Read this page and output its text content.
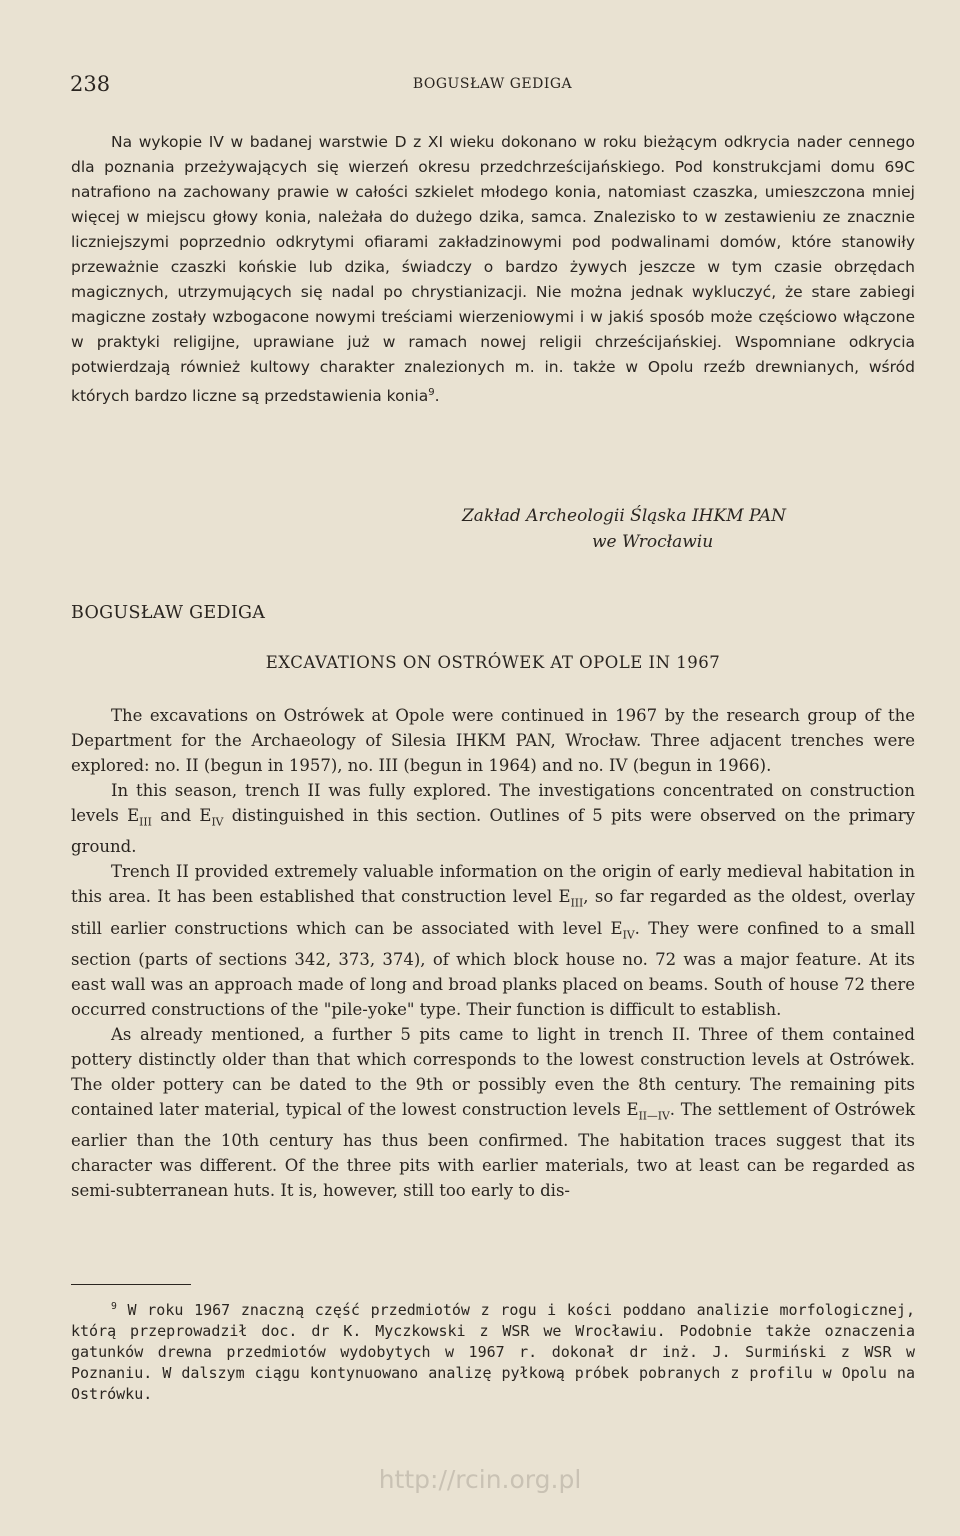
238	BOGUSŁAW GEDIGA

Na wykopie IV w badanej warstwie D z XI wieku dokonano w roku bieżącym odkrycia nader cennego dla poznania przeżywających się wierzeń okresu przedchrześcijańskiego. Pod konstrukcjami domu 69C natrafiono na zachowany prawie w całości szkielet młodego konia, natomiast czaszka, umieszczona mniej więcej w miejscu głowy konia, należała do dużego dzika, samca. Znalezisko to w zestawieniu ze znacznie liczniejszymi poprzednio odkrytymi ofiarami zakładzinowymi pod podwalinami domów, które stanowiły przeważnie czaszki końskie lub dzika, świadczy o bardzo żywych jeszcze w tym czasie obrzędach magicznych, utrzymujących się nadal po chrystianizacji. Nie można jednak wykluczyć, że stare zabiegi magiczne zostały wzbogacone nowymi treściami wierzeniowymi i w jakiś sposób może częściowo włączone w praktyki religijne, uprawiane już w ramach nowej religii chrześcijańskiej. Wspomniane odkrycia potwierdzają również kultowy charakter znalezionych m. in. także w Opolu rzeźb drewnianych, wśród których bardzo liczne są przedstawienia konia$^9$.

Zakład Archeologii Śląska IHKM PAN
we Wrocławiu
BOGUSŁAW GEDIGA
EXCAVATIONS ON OSTRÓWEK AT OPOLE IN 1967

The excavations on Ostrówek at Opole were continued in 1967 by the research group of the Department for the Archaeology of Silesia IHKM PAN, Wrocław. Three adjacent trenches were explored: no. II (begun in 1957), no. III (begun in 1964) and no. IV (begun in 1966).

In this season, trench II was fully explored. The investigations concentrated on construction levels $E_{III}$ and $E_{IV}$ distinguished in this section. Outlines of 5 pits were observed on the primary ground.

Trench II provided extremely valuable information on the origin of early medieval habitation in this area. It has been established that construction level $E_{III}$, so far regarded as the oldest, overlay still earlier constructions which can be associated with level $E_{IV}$. They were confined to a small section (parts of sections 342, 373, 374), of which block house no. 72 was a major feature. At its east wall was an approach made of long and broad planks placed on beams. South of house 72 there occurred constructions of the "pile-yoke" type. Their function is difficult to establish.

As already mentioned, a further 5 pits came to light in trench II. Three of them contained pottery distinctly older than that which corresponds to the lowest construction levels at Ostrówek. The older pottery can be dated to the 9th or possibly even the 8th century. The remaining pits contained later material, typical of the lowest construction levels $E_{II—IV}$. The settlement of Ostrówek earlier than the 10th century has thus been confirmed. The habitation traces suggest that its character was different. Of the three pits with earlier materials, two at least can be regarded as semi-subterranean huts. It is, however, still too early to dis-

$^9$ W roku 1967 znaczną część przedmiotów z rogu i kości poddano analizie morfologicznej, którą przeprowadził doc. dr K. Myczkowski z WSR we Wrocławiu. Podobnie także oznaczenia gatunków drewna przedmiotów wydobytych w 1967 r. dokonał dr inż. J. Surmiński z WSR w Poznaniu. W dalszym ciągu kontynuowano analizę pyłkową próbek pobranych z profilu w Opolu na Ostrówku.

http://rcin.org.pl
